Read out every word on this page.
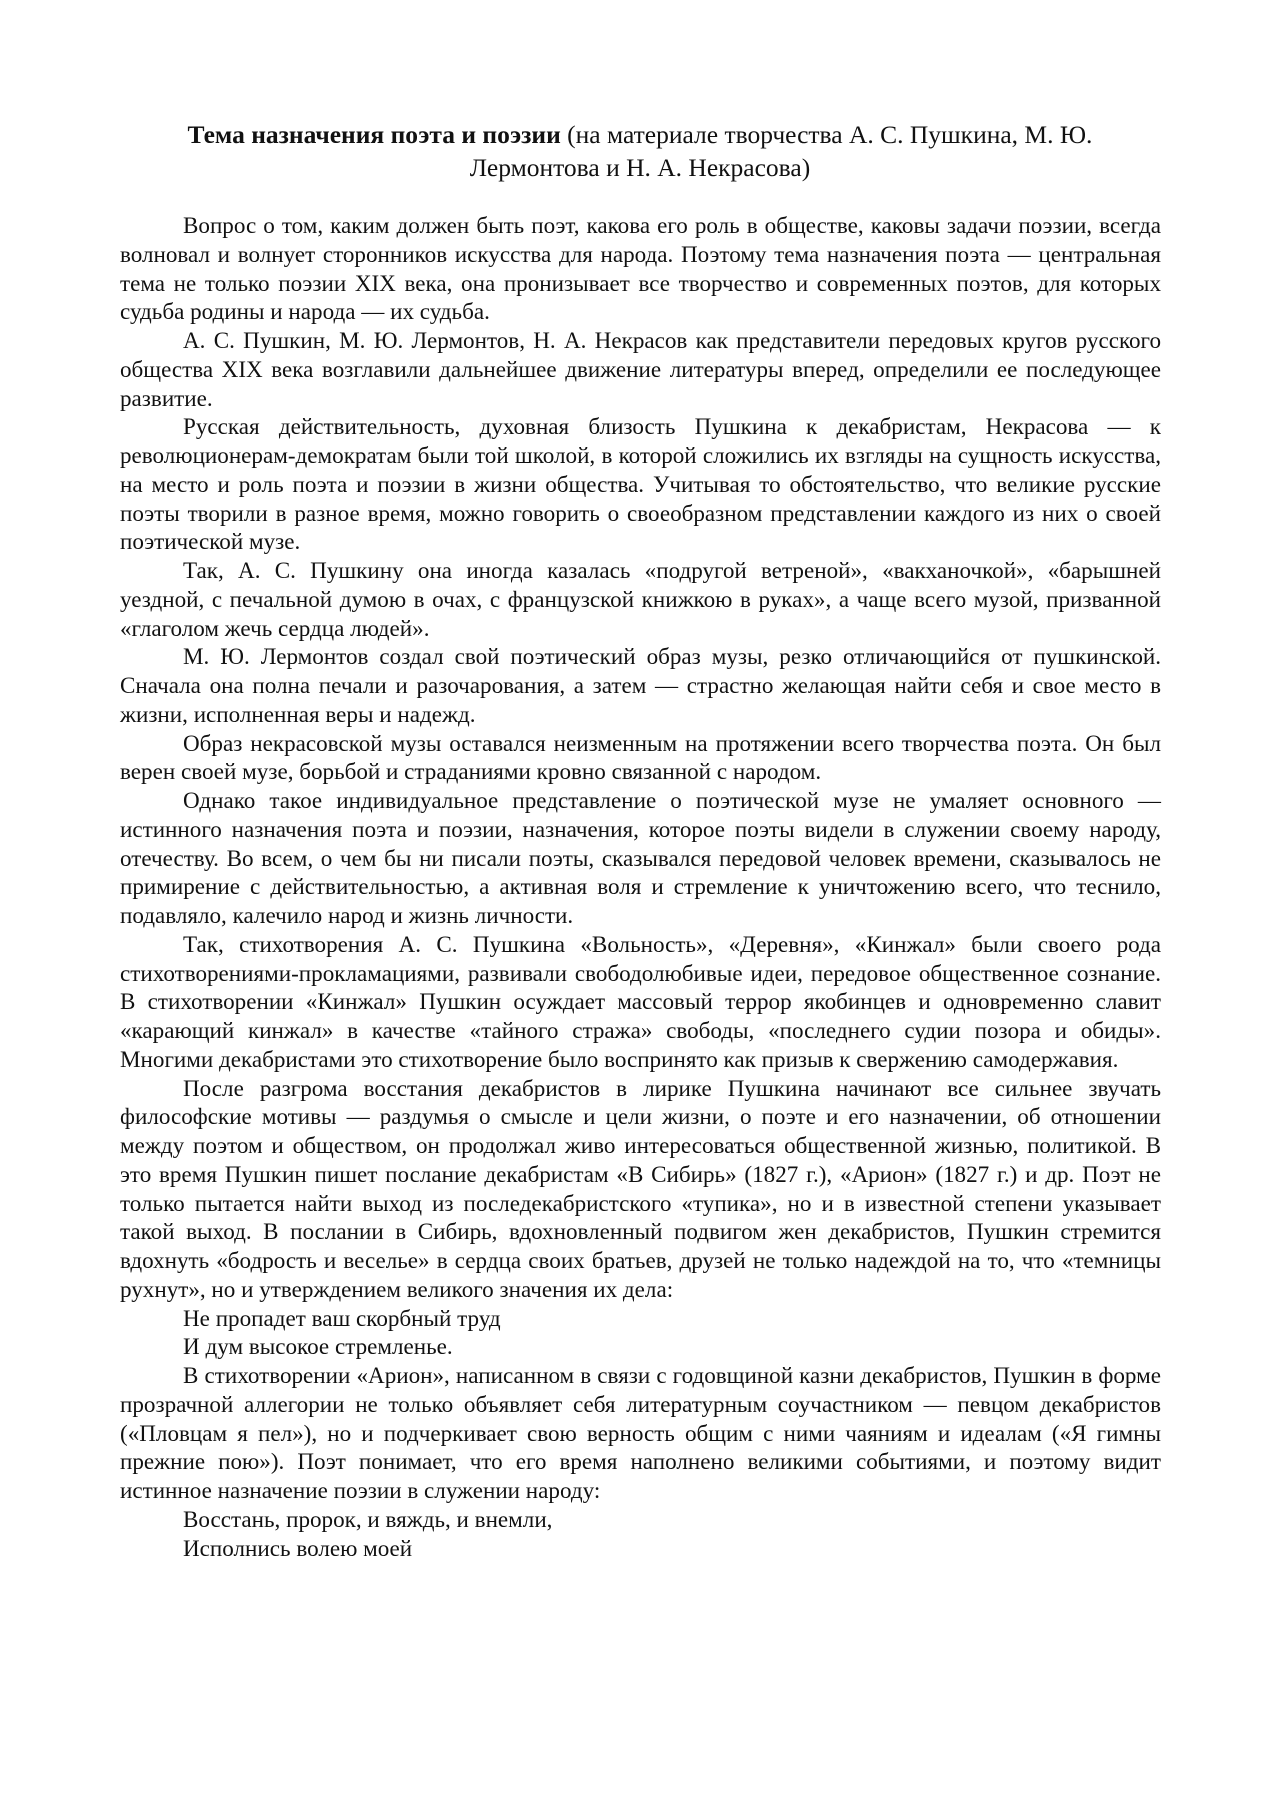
Тема назначения поэта и поэзии (на материале творчества А. С. Пушкина, М. Ю. Лермонтова и Н. А. Некрасова)

Вопрос о том, каким должен быть поэт, какова его роль в обществе, каковы задачи поэзии, всегда волновал и волнует сторонников искусства для народа. Поэтому тема назначения поэта — центральная тема не только поэзии XIX века, она пронизывает все творчество и современных поэтов, для которых судьба родины и народа — их судьба.

А. С. Пушкин, М. Ю. Лермонтов, Н. А. Некрасов как представители передовых кругов русского общества XIX века возглавили дальнейшее движение литературы вперед, определили ее последующее развитие.

Русская действительность, духовная близость Пушкина к декабристам, Некрасова — к революционерам-демократам были той школой, в которой сложились их взгляды на сущность искусства, на место и роль поэта и поэзии в жизни общества. Учитывая то обстоятельство, что великие русские поэты творили в разное время, можно говорить о своеобразном представлении каждого из них о своей поэтической музе.

Так, А. С. Пушкину она иногда казалась «подругой ветреной», «вакханочкой», «барышней уездной, с печальной думою в очах, с французской книжкою в руках», а чаще всего музой, призванной «глаголом жечь сердца людей».

М. Ю. Лермонтов создал свой поэтический образ музы, резко отличающийся от пушкинской. Сначала она полна печали и разочарования, а затем — страстно желающая найти себя и свое место в жизни, исполненная веры и надежд.

Образ некрасовской музы оставался неизменным на протяжении всего творчества поэта. Он был верен своей музе, борьбой и страданиями кровно связанной с народом.

Однако такое индивидуальное представление о поэтической музе не умаляет основного — истинного назначения поэта и поэзии, назначения, которое поэты видели в служении своему народу, отечеству. Во всем, о чем бы ни писали поэты, сказывался передовой человек времени, сказывалось не примирение с действительностью, а активная воля и стремление к уничтожению всего, что теснило, подавляло, калечило народ и жизнь личности.

Так, стихотворения А. С. Пушкина «Вольность», «Деревня», «Кинжал» были своего рода стихотворениями-прокламациями, развивали свободолюбивые идеи, передовое общественное сознание. В стихотворении «Кинжал» Пушкин осуждает массовый террор якобинцев и одновременно славит «карающий кинжал» в качестве «тайного стража» свободы, «последнего судии позора и обиды». Многими декабристами это стихотворение было воспринято как призыв к свержению самодержавия.

После разгрома восстания декабристов в лирике Пушкина начинают все сильнее звучать философские мотивы — раздумья о смысле и цели жизни, о поэте и его назначении, об отношении между поэтом и обществом, он продолжал живо интересоваться общественной жизнью, политикой. В это время Пушкин пишет послание декабристам «В Сибирь» (1827 г.), «Арион» (1827 г.) и др. Поэт не только пытается найти выход из последекабристского «тупика», но и в известной степени указывает такой выход. В послании в Сибирь, вдохновленный подвигом жен декабристов, Пушкин стремится вдохнуть «бодрость и веселье» в сердца своих братьев, друзей не только надеждой на то, что «темницы рухнут», но и утверждением великого значения их дела:

Не пропадет ваш скорбный труд

И дум высокое стремленье.

В стихотворении «Арион», написанном в связи с годовщиной казни декабристов, Пушкин в форме прозрачной аллегории не только объявляет себя литературным соучастником — певцом декабристов («Пловцам я пел»), но и подчеркивает свою верность общим с ними чаяниям и идеалам («Я гимны прежние пою»). Поэт понимает, что его время наполнено великими событиями, и поэтому видит истинное назначение поэзии в служении народу:

Восстань, пророк, и вяждь, и внемли,

Исполнись волею моей
